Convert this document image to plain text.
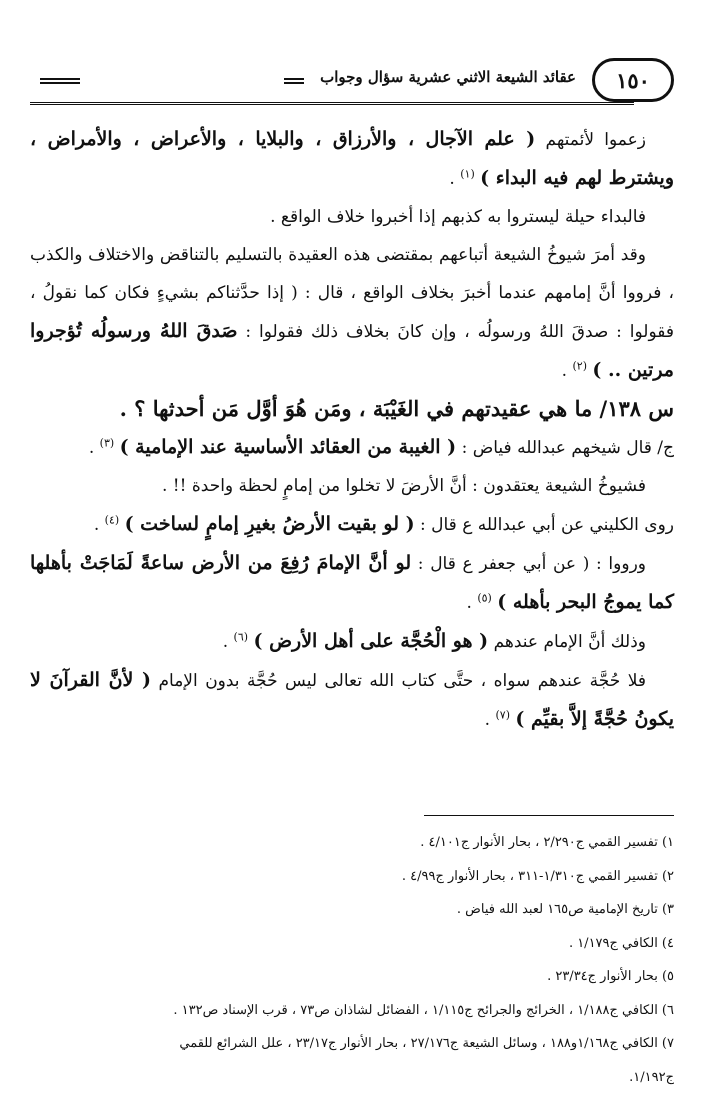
١٥٠
عقائد الشيعة الاثني عشرية سؤال وجواب

زعموا لأئمتهم ( علم الآجال ، والأرزاق ، والبلايا ، والأعراض ، والأمراض ، ويشترط لهم فيه البداء ) $^{(١)}$ .

فالبداء حيلة ليستروا به كذبهم إذا أخبروا خلاف الواقع .

وقد أمرَ شيوخُ الشيعة أتباعهم بمقتضى هذه العقيدة بالتسليم بالتناقض والاختلاف والكذب ، فرووا أنَّ إمامهم عندما أخبرَ بخلاف الواقع ، قال : ( إذا حدَّثناكم بشيءٍ فكان كما نقولُ ، فقولوا : صدقَ اللهُ ورسولُه ، وإن كانَ بخلاف ذلك فقولوا : صَدقَ اللهُ ورسولُه تُؤجروا مرتين .. ) $^{(٢)}$ .

س ١٣٨/ ما هي عقيدتهم في الغَيْبَة ، ومَن هُوَ أوَّل مَن أحدثها ؟ .

ج/ قال شيخهم عبدالله فياض : ( الغيبة من العقائد الأساسية عند الإمامية ) $^{(٣)}$ .

فشيوخُ الشيعة يعتقدون : أنَّ الأرضَ لا تخلوا من إمامٍ لحظة واحدة !! .

روى الكليني عن أبي عبدالله ع قال : ( لو بقيت الأرضُ بغيرِ إمامٍ لساخت ) $^{(٤)}$ .

ورووا : ( عن أبي جعفر ع قال : لو أنَّ الإمامَ رُفِعَ من الأرض ساعةً لَمَاجَتْ بأهلها كما يموجُ البحر بأهله ) $^{(٥)}$ .

وذلك أنَّ الإمام عندهم ( هو الْحُجَّة على أهل الأرض ) $^{(٦)}$ .

فلا حُجَّة عندهم سواه ، حتَّى كتاب الله تعالى ليس حُجَّة بدون الإمام ( لأنَّ القرآنَ لا يكونُ حُجَّةً إلاَّ بقيِّم ) $^{(٧)}$ .

١) تفسير القمي ج٢/٢٩٠ ، بحار الأنوار ج٤/١٠١ .

٢) تفسير القمي ج١/٣١٠-٣١١ ، بحار الأنوار ج٤/٩٩ .

٣) تاريخ الإمامية ص١٦٥ لعبد الله فياض .

٤) الكافي ج١/١٧٩ .

٥) بحار الأنوار ج٢٣/٣٤ .

٦) الكافي ج١/١٨٨ ، الخرائج والجرائح ج١/١١٥ ، الفضائل لشاذان ص٧٣ ، قرب الإسناد ص١٣٢ .

٧) الكافي ج١/١٦٨و١٨٨ ، وسائل الشيعة ج٢٧/١٧٦ ، بحار الأنوار ج٢٣/١٧ ، علل الشرائع للقمي

ج١/١٩٢.
